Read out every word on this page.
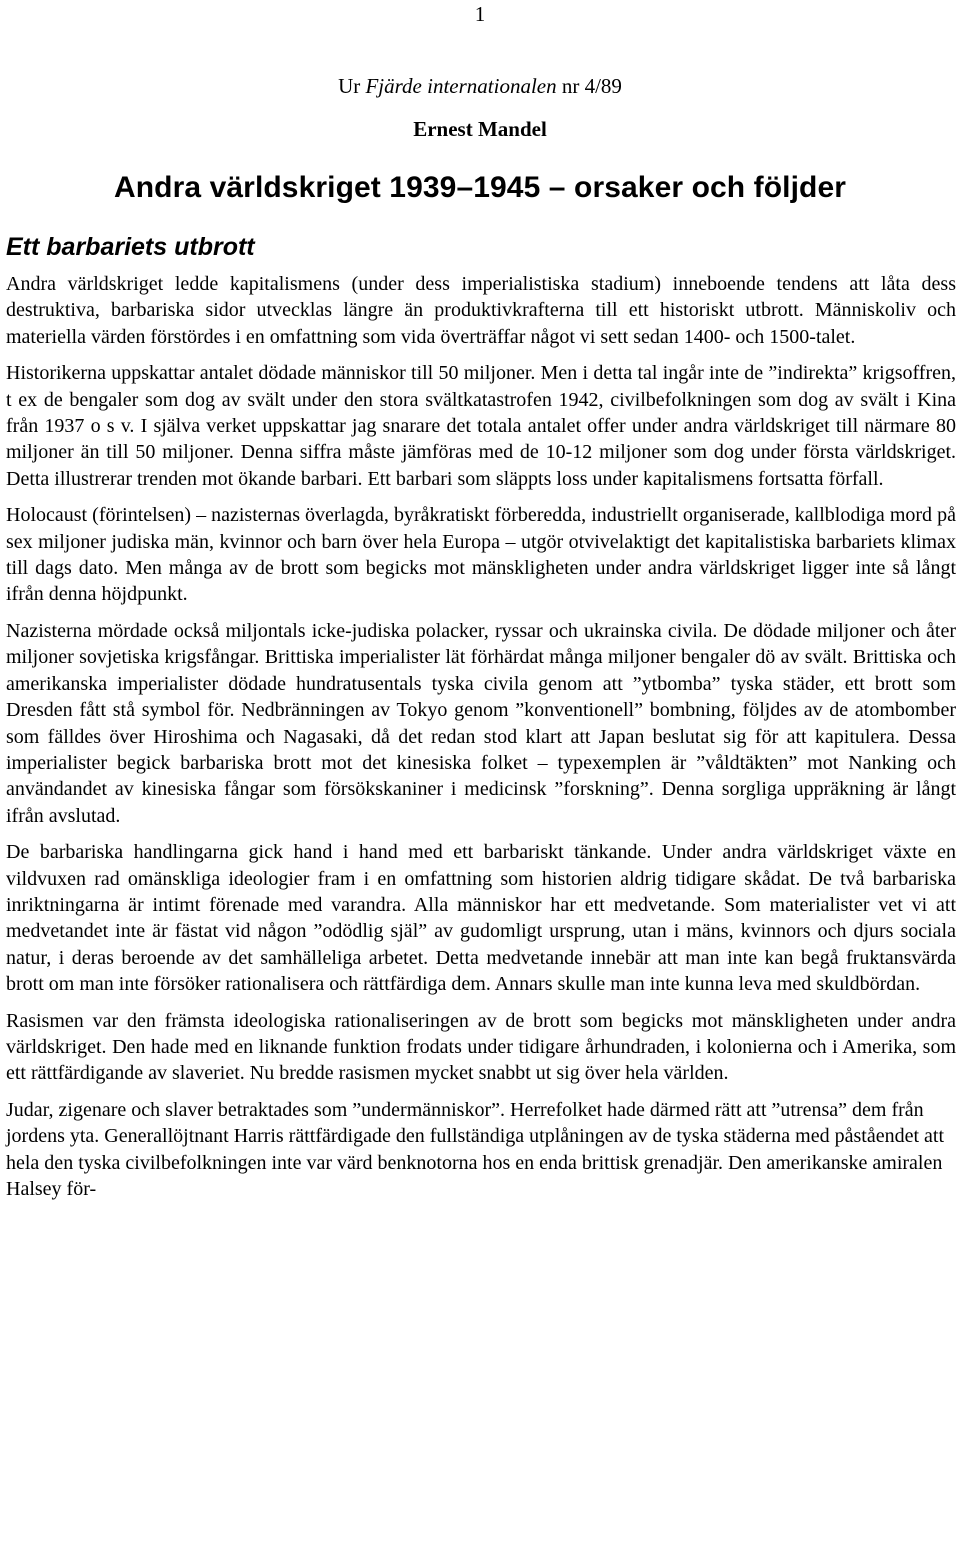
1
Ur Fjärde internationalen nr 4/89
Ernest Mandel
Andra världskriget 1939–1945 – orsaker och följder
Ett barbariets utbrott

Andra världskriget ledde kapitalismens (under dess imperialistiska stadium) inneboende tendens att låta dess destruktiva, barbariska sidor utvecklas längre än produktivkrafterna till ett historiskt utbrott. Människoliv och materiella värden förstördes i en omfattning som vida överträffar något vi sett sedan 1400- och 1500-talet.

Historikerna uppskattar antalet dödade människor till 50 miljoner. Men i detta tal ingår inte de ”indirekta” krigsoffren, t ex de bengaler som dog av svält under den stora svältkatastrofen 1942, civilbefolkningen som dog av svält i Kina från 1937 o s v. I själva verket uppskattar jag snarare det totala antalet offer under andra världskriget till närmare 80 miljoner än till 50 miljoner. Denna siffra måste jämföras med de 10-12 miljoner som dog under första världskriget. Detta illustrerar trenden mot ökande barbari. Ett barbari som släppts loss under kapitalismens fortsatta förfall.

Holocaust (förintelsen) – nazisternas överlagda, byråkratiskt förberedda, industriellt organiserade, kallblodiga mord på sex miljoner judiska män, kvinnor och barn över hela Europa – utgör otvivelaktigt det kapitalistiska barbariets klimax till dags dato. Men många av de brott som begicks mot mänskligheten under andra världskriget ligger inte så långt ifrån denna höjdpunkt.

Nazisterna mördade också miljontals icke-judiska polacker, ryssar och ukrainska civila. De dödade miljoner och åter miljoner sovjetiska krigsfångar. Brittiska imperialister lät förhärdat många miljoner bengaler dö av svält. Brittiska och amerikanska imperialister dödade hundratusentals tyska civila genom att ”ytbomba” tyska städer, ett brott som Dresden fått stå symbol för. Nedbränningen av Tokyo genom ”konventionell” bombning, följdes av de atombomber som fälldes över Hiroshima och Nagasaki, då det redan stod klart att Japan beslutat sig för att kapitulera. Dessa imperialister begick barbariska brott mot det kinesiska folket – typexemplen är ”våldtäkten” mot Nanking och användandet av kinesiska fångar som försökskaniner i medicinsk ”forskning”. Denna sorgliga uppräkning är långt ifrån avslutad.

De barbariska handlingarna gick hand i hand med ett barbariskt tänkande. Under andra världskriget växte en vildvuxen rad omänskliga ideologier fram i en omfattning som historien aldrig tidigare skådat. De två barbariska inriktningarna är intimt förenade med varandra. Alla människor har ett medvetande. Som materialister vet vi att medvetandet inte är fästat vid någon ”odödlig själ” av gudomligt ursprung, utan i mäns, kvinnors och djurs sociala natur, i deras beroende av det samhälleliga arbetet. Detta medvetande innebär att man inte kan begå fruktansvärda brott om man inte försöker rationalisera och rättfärdiga dem. Annars skulle man inte kunna leva med skuldbördan.

Rasismen var den främsta ideologiska rationaliseringen av de brott som begicks mot mänskligheten under andra världskriget. Den hade med en liknande funktion frodats under tidigare århundraden, i kolonierna och i Amerika, som ett rättfärdigande av slaveriet. Nu bredde rasismen mycket snabbt ut sig över hela världen.

Judar, zigenare och slaver betraktades som ”undermänniskor”. Herrefolket hade därmed rätt att ”utrensa” dem från jordens yta. Generallöjtnant Harris rättfärdigade den fullständiga utplåningen av de tyska städerna med påståendet att hela den tyska civilbefolkningen inte var värd benknotorna hos en enda brittisk grenadjär. Den amerikanske amiralen Halsey för-
